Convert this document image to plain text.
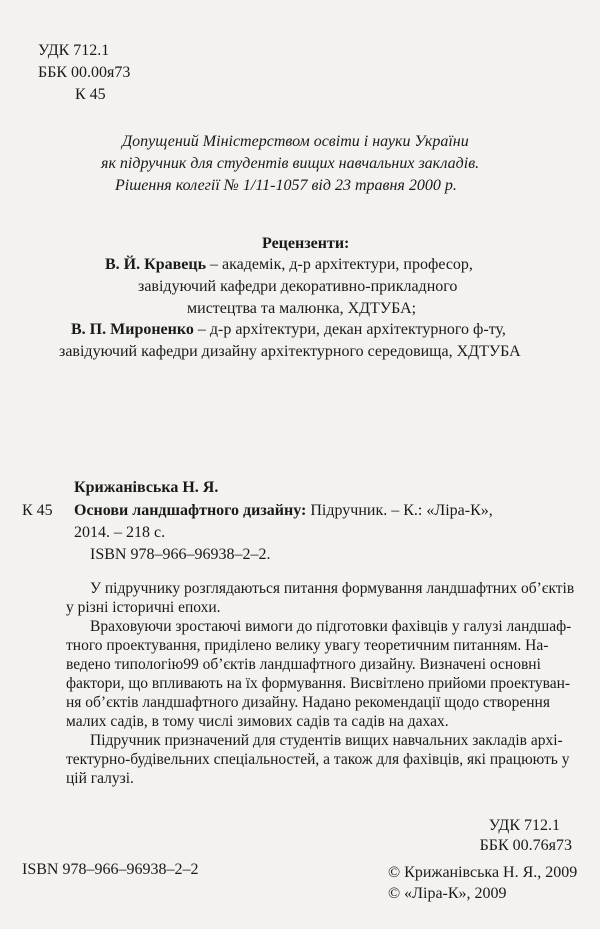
УДК 712.1
ББК 00.00я73
К 45
Допущений Міністерством освіти і науки України
як підручник для студентів вищих навчальних закладів.
Рішення колегії № 1/11-1057 від 23 травня 2000 р.
Рецензенти:
В. Й. Кравець – академік, д-р архітектури, професор,
завідуючий кафедри декоративно-прикладного
мистецтва та малюнка, ХДТУБА;
В. П. Мироненко – д-р архітектури, декан архітектурного ф-ту,
завідуючий кафедри дизайну архітектурного середовища, ХДТУБА
Крижанівська Н. Я.
К 45 Основи ландшафтного дизайну: Підручник. – К.: «Ліра-К»,
2014. – 218 с.
ISBN 978–966–96938–2–2.
У підручнику розглядаються питання формування ландшафтних об’єктів
у різні історичні епохи.
Враховуючи зростаючі вимоги до підготовки фахівців у галузі ландшаф-
тного проектування, приділено велику увагу теоретичним питанням. На-
ведено типологію99 об’єктів ландшафтного дизайну. Визначені основні
фактори, що впливають на їх формування. Висвітлено прийоми проектуван-
ня об’єктів ландшафтного дизайну. Надано рекомендації щодо створення
малих садів, в тому числі зимових садів та садів на дахах.
Підручник призначений для студентів вищих навчальних закладів архі-
тектурно-будівельних спеціальностей, а також для фахівців, які працюють у
цій галузі.
УДК 712.1
ББК 00.76я73
ISBN 978–966–96938–2–2	© Крижанівська Н. Я., 2009
© «Ліра-К», 2009
